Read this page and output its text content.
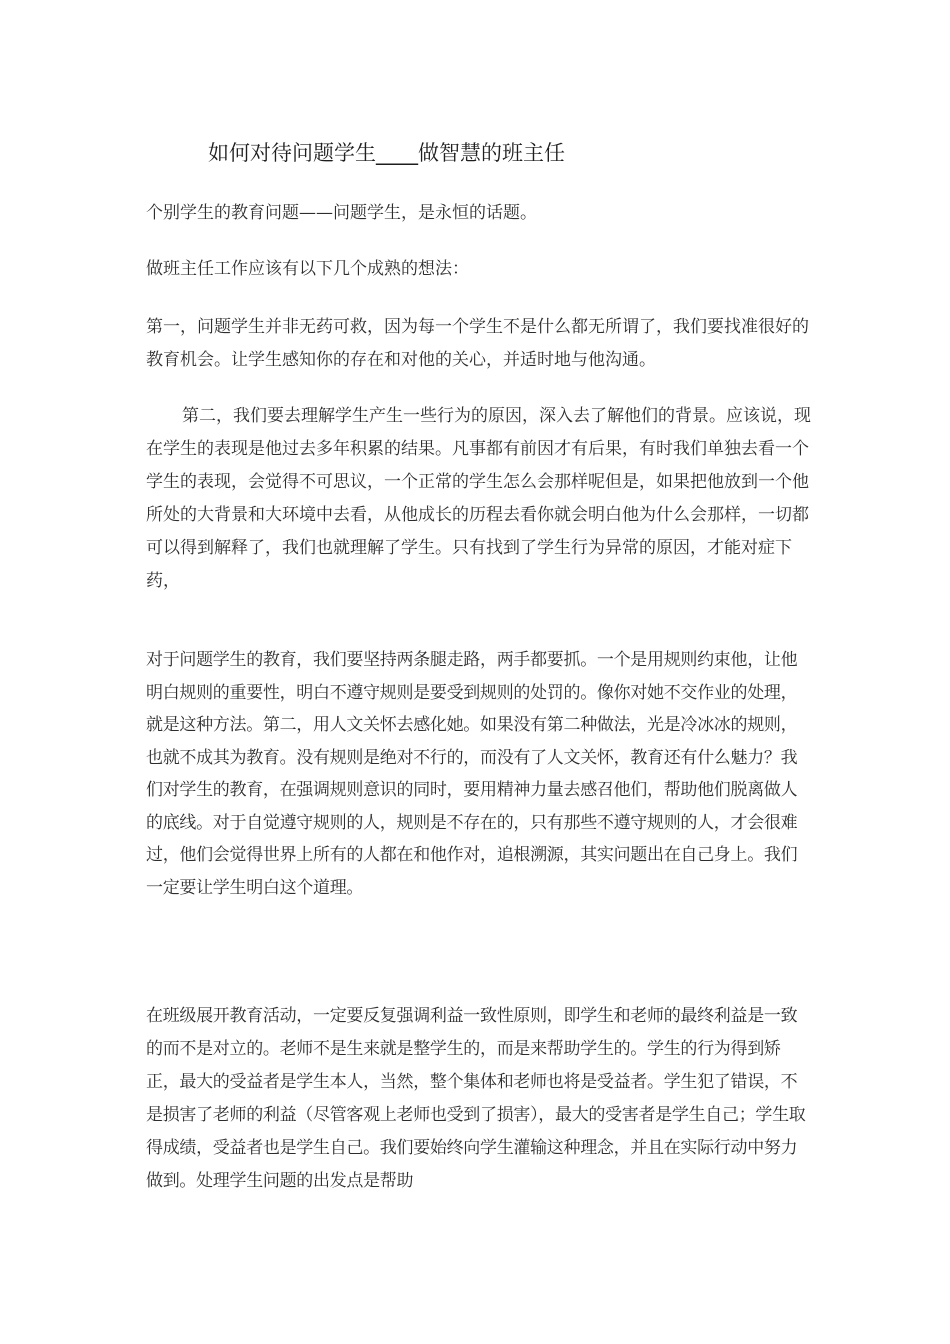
如何对待问题学生____做智慧的班主任

个别学生的教育问题——问题学生，是永恒的话题。

做班主任工作应该有以下几个成熟的想法：

第一，问题学生并非无药可救，因为每一个学生不是什么都无所谓了，我们要找准很好的教育机会。让学生感知你的存在和对他的关心，并适时地与他沟通。

第二，我们要去理解学生产生一些行为的原因，深入去了解他们的背景。应该说，现在学生的表现是他过去多年积累的结果。凡事都有前因才有后果，有时我们单独去看一个学生的表现，会觉得不可思议，一个正常的学生怎么会那样呢但是，如果把他放到一个他所处的大背景和大环境中去看，从他成长的历程去看你就会明白他为什么会那样，一切都可以得到解释了，我们也就理解了学生。只有找到了学生行为异常的原因，才能对症下药，

对于问题学生的教育，我们要坚持两条腿走路，两手都要抓。一个是用规则约束他，让他明白规则的重要性，明白不遵守规则是要受到规则的处罚的。像你对她不交作业的处理，就是这种方法。第二，用人文关怀去感化她。如果没有第二种做法，光是冷冰冰的规则，也就不成其为教育。没有规则是绝对不行的，而没有了人文关怀，教育还有什么魅力？我们对学生的教育，在强调规则意识的同时，要用精神力量去感召他们，帮助他们脱离做人的底线。对于自觉遵守规则的人，规则是不存在的，只有那些不遵守规则的人，才会很难过，他们会觉得世界上所有的人都在和他作对，追根溯源，其实问题出在自己身上。我们一定要让学生明白这个道理。

在班级展开教育活动，一定要反复强调利益一致性原则，即学生和老师的最终利益是一致的而不是对立的。老师不是生来就是整学生的，而是来帮助学生的。学生的行为得到矫正，最大的受益者是学生本人，当然，整个集体和老师也将是受益者。学生犯了错误，不是损害了老师的利益（尽管客观上老师也受到了损害），最大的受害者是学生自己；学生取得成绩，受益者也是学生自己。我们要始终向学生灌输这种理念，并且在实际行动中努力做到。处理学生问题的出发点是帮助
